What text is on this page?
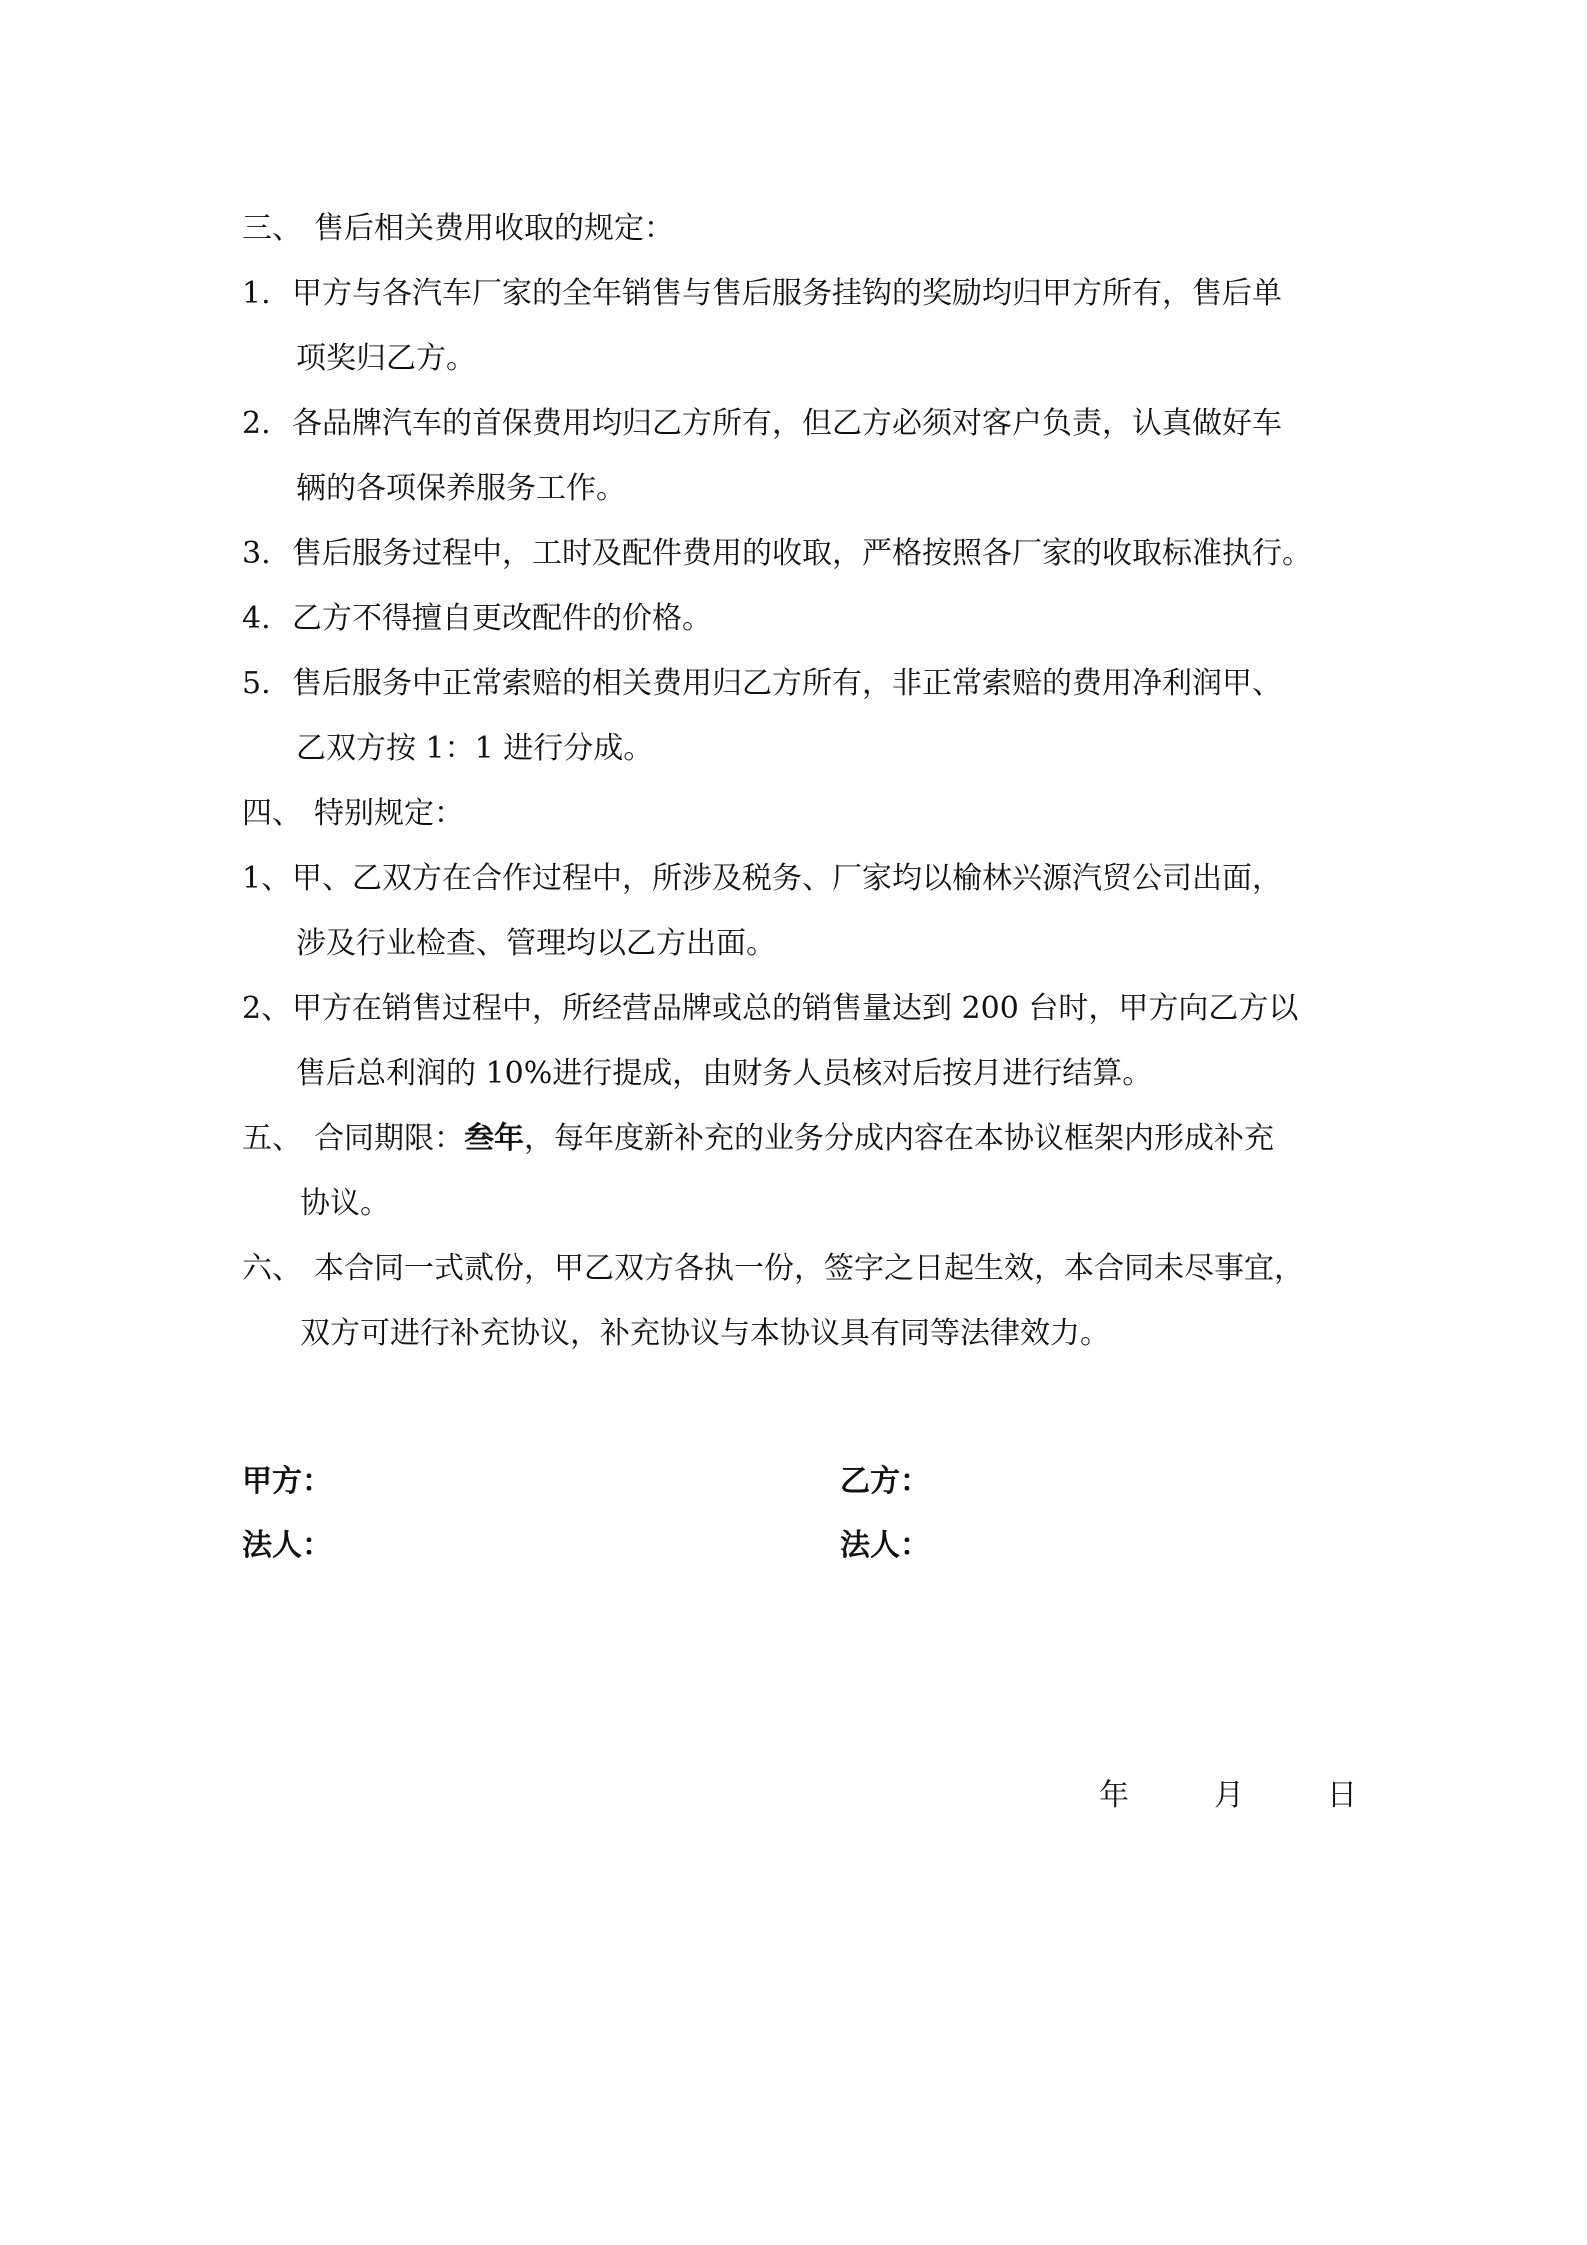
三、 售后相关费用收取的规定：
1. 甲方与各汽车厂家的全年销售与售后服务挂钩的奖励均归甲方所有，售后单
项奖归乙方。
2. 各品牌汽车的首保费用均归乙方所有，但乙方必须对客户负责，认真做好车
辆的各项保养服务工作。
3. 售后服务过程中，工时及配件费用的收取，严格按照各厂家的收取标准执行。
4. 乙方不得擅自更改配件的价格。
5. 售后服务中正常索赔的相关费用归乙方所有，非正常索赔的费用净利润甲、
乙双方按 1：1 进行分成。
四、 特别规定：
1、 甲、乙双方在合作过程中，所涉及税务、厂家均以榆林兴源汽贸公司出面，
涉及行业检查、管理均以乙方出面。
2、 甲方在销售过程中，所经营品牌或总的销售量达到 200 台时，甲方向乙方以
售后总利润的 10%进行提成，由财务人员核对后按月进行结算。
五、 合同期限：叁年，每年度新补充的业务分成内容在本协议框架内形成补充
协议。
六、 本合同一式贰份，甲乙双方各执一份，签字之日起生效，本合同未尽事宜，
双方可进行补充协议，补充协议与本协议具有同等法律效力。
甲方：	乙方：
法人：	法人：
年	月	日
